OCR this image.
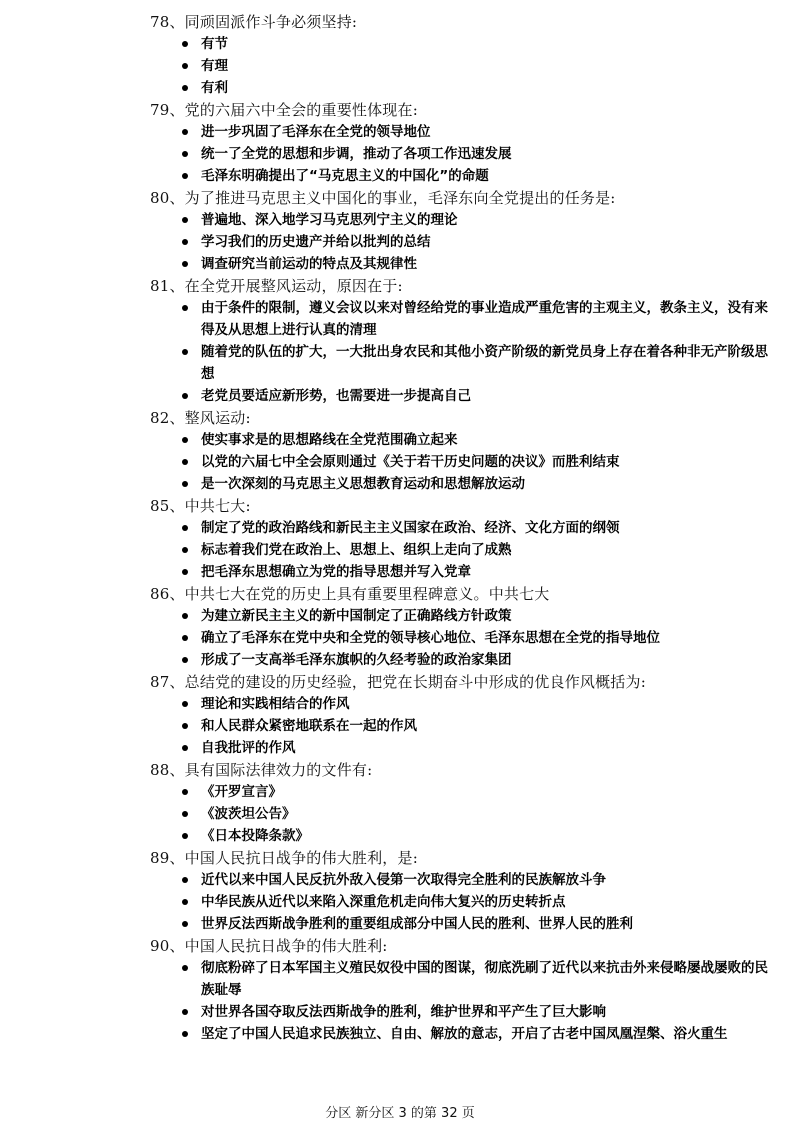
78、同顽固派作斗争必须坚持:
有节
有理
有利
79、党的六届六中全会的重要性体现在:
进一步巩固了毛泽东在全党的领导地位
统一了全党的思想和步调，推动了各项工作迅速发展
毛泽东明确提出了“马克思主义的中国化”的命题
80、为了推进马克思主义中国化的事业，毛泽东向全党提出的任务是:
普遍地、深入地学习马克思列宁主义的理论
学习我们的历史遗产并给以批判的总结
调查研究当前运动的特点及其规律性
81、在全党开展整风运动，原因在于:
由于条件的限制，遵义会议以来对曾经给党的事业造成严重危害的主观主义，教条主义，没有来得及从思想上进行认真的清理
随着党的队伍的扩大，一大批出身农民和其他小资产阶级的新党员身上存在着各种非无产阶级思想
老党员要适应新形势，也需要进一步提高自己
82、整风运动:
使实事求是的思想路线在全党范围确立起来
以党的六届七中全会原则通过《关于若干历史问题的决议》而胜利结束
是一次深刻的马克思主义思想教育运动和思想解放运动
85、中共七大:
制定了党的政治路线和新民主主义国家在政治、经济、文化方面的纲领
标志着我们党在政治上、思想上、组织上走向了成熟
把毛泽东思想确立为党的指导思想并写入党章
86、中共七大在党的历史上具有重要里程碑意义。中共七大
为建立新民主主义的新中国制定了正确路线方针政策
确立了毛泽东在党中央和全党的领导核心地位、毛泽东思想在全党的指导地位
形成了一支高举毛泽东旗帜的久经考验的政治家集团
87、总结党的建设的历史经验，把党在长期奋斗中形成的优良作风概括为:
理论和实践相结合的作风
和人民群众紧密地联系在一起的作风
自我批评的作风
88、具有国际法律效力的文件有:
《开罗宣言》
《波茨坦公告》
《日本投降条款》
89、中国人民抗日战争的伟大胜利，是:
近代以来中国人民反抗外敌入侵第一次取得完全胜利的民族解放斗争
中华民族从近代以来陷入深重危机走向伟大复兴的历史转折点
世界反法西斯战争胜利的重要组成部分中国人民的胜利、世界人民的胜利
90、中国人民抗日战争的伟大胜利:
彻底粉碎了日本军国主义殖民奴役中国的图谋，彻底洗刷了近代以来抗击外来侵略屡战屡败的民族耻辱
对世界各国夺取反法西斯战争的胜利，维护世界和平产生了巨大影响
坚定了中国人民追求民族独立、自由、解放的意志，开启了古老中国凤凰涅槃、浴火重生
分区 新分区 3 的第 32 页
